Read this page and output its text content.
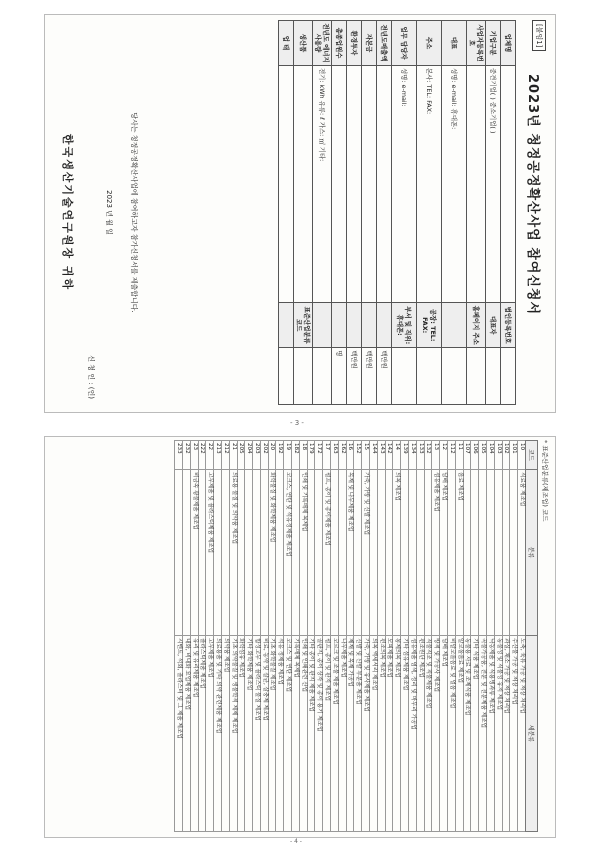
[붙임1]
2023년 청정공정확산사업 참여신청서
업체명		법인등록번호	
기업구분	중견기업( ) 중소기업( )	대표자	
사업자등록번호		홈페이지 주소	
대표	성명: e-mail: 휴대폰:		
주소	본사: TEL: FAX:	공장: TEL: FAX:	
업무 담당자	성명: e-mail:	부서 및 직위: 휴대폰:	
전년도매출액			백만원
자본금			백만원
환경투자			백만원
총종업원수			명
전년도 에너지 사용량	전기: kWh 유류: ℓ 가스: ㎥ 기타:		
생산품		표준산업분류코드	
업 태			
당사는 청정공정확산사업에 참여하고자 참가신청서를 제출합니다.
2023 년 월 일
신 청 인 : (인)
한국생산기술연구원장 귀하
* 표준산업분류(제조업) 코드
코드	분류	세분류
10	식료품 제조업	도축, 육류 가공 및 저장 처리업
101		수산물 가공 및 저장 처리업
102		과실, 채소 가공 및 저장 처리업
103		동물성 및 식물성 유지 제조업
104		낙농제품 및 식용빙과류 제조업
105		곡물가공품, 전분 및 전분제품 제조업
106		기타 식품 제조업
107		동물용 사료 및 조제식품 제조업
11	음료 제조업	알코올음료 제조업
112		비알코올음료 및 얼음 제조업
12	담배 제조업	담배 제조업
13	섬유제품 제조업	방적 및 가공사 제조업
132		직물직조 및 직물제품 제조업
133		편조원단 제조업
134		섬유제품 염색, 정리 및 마무리 가공업
139		기타 섬유제품 제조업
14	의복 제조업	봉제의복 제조업
142		모피제품 제조업
143		편조의복 제조업
144		의복 액세서리 제조업
15	가죽, 가방 및 신발 제조업	가죽, 가방 및 유사제품 제조업
152		신발 및 신발 부분품 제조업
16	목재 및 나무제품 제조업	제재 및 목재 가공업
162		나무제품 제조업
163		코르크 및 조물 제품 제조업
17	펄프, 종이 및 종이제품 제조업	펄프, 종이 및 판지 제조업
172		골판지, 종이 상자 및 종이 용기 제조업
179		기타 종이 및 판지 제품 제조업
18	인쇄 및 기록매체 복제업	인쇄 및 인쇄관련 산업
182		기록매체 복제업
19	코크스, 연탄 및 석유정제품 제조업	코크스 및 연탄 제조업
192		석유 정제품 제조업
20	화학물질 및 화학제품 제조업	기초 화학물질 제조업
202		비료, 농약 및 살균, 살충제 제조업
203		합성고무 및 플라스틱 물질 제조업
204		기타 화학제품 제조업
205		화학섬유 제조업
21	의료용 물질 및 의약품 제조업	기초 의약물질 및 생물학적 제제 제조업
212		의약품 제조업
213		의료용품 및 기타 의약 관련제품 제조업
22	고무제품 및 플라스틱제품 제조업	고무제품 제조업
222		플라스틱제품 제조업
23	비금속 광물제품 제조업	유리 및 유리제품 제조업
232		내화, 비내화 요업제품 제조업
233		시멘트, 석회, 플라스터 및 그 제품 제조업
- 3 -
- 4 -
